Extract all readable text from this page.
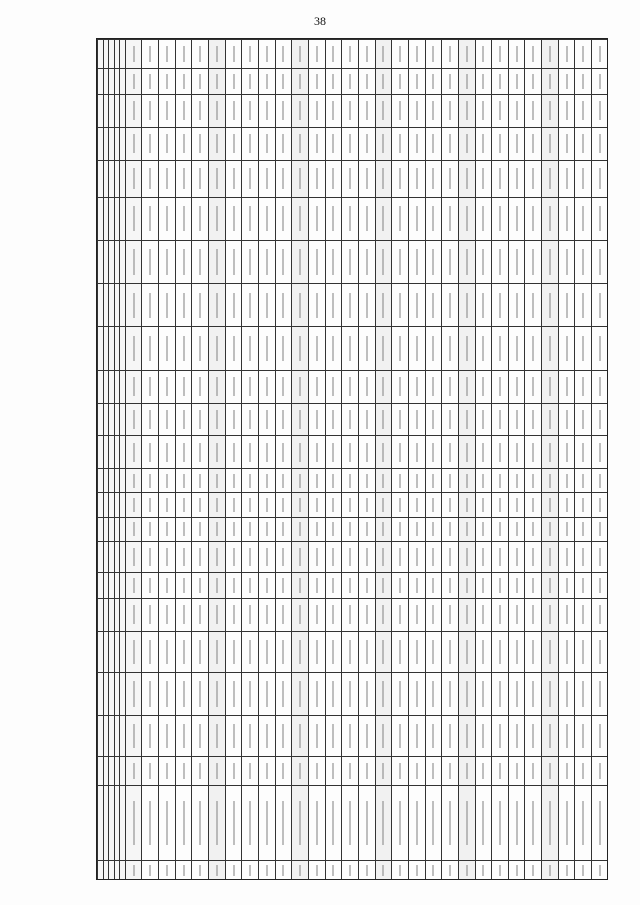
38
